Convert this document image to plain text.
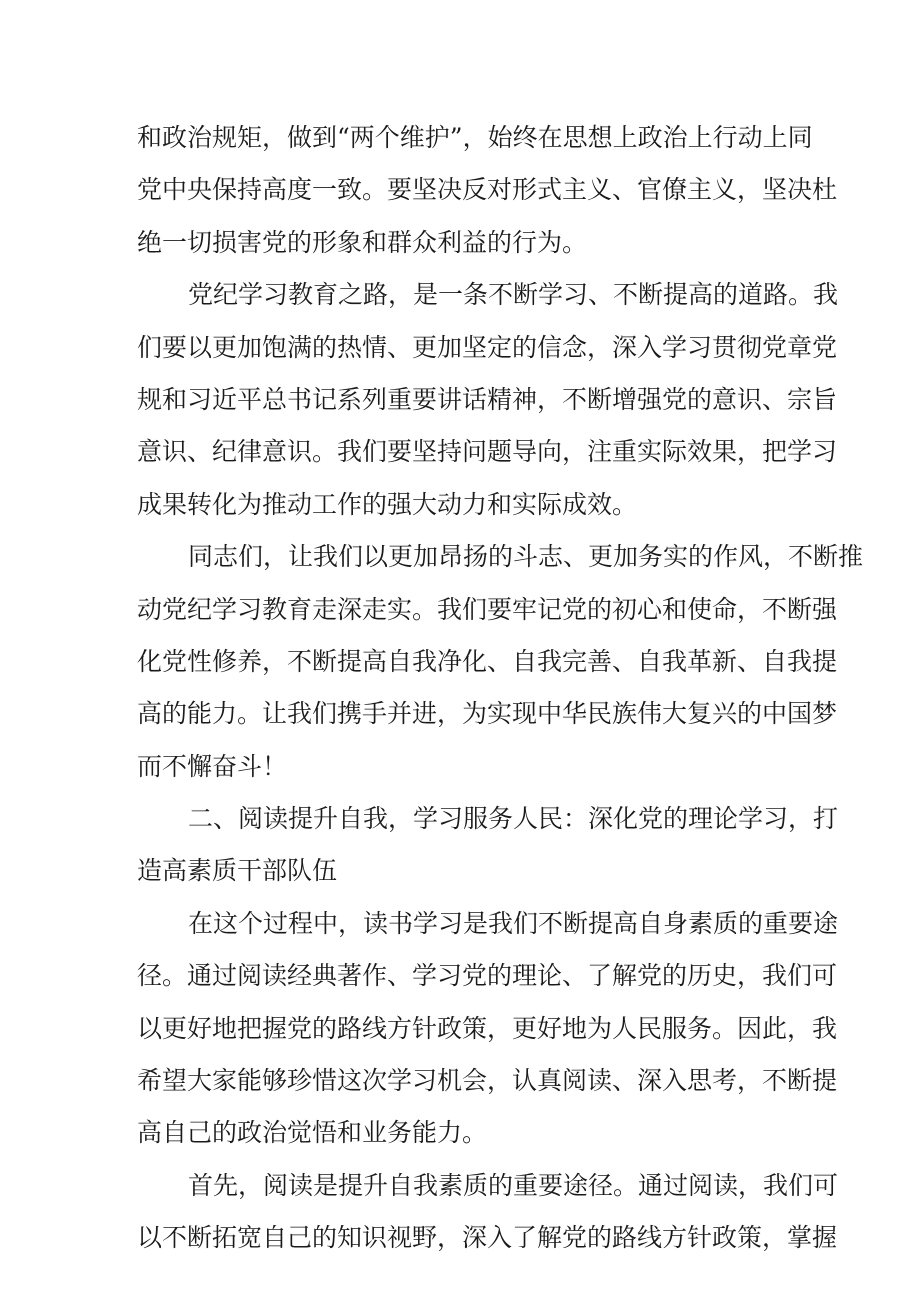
和政治规矩，做到“两个维护”，始终在思想上政治上行动上同
党中央保持高度一致。要坚决反对形式主义、官僚主义，坚决杜
绝一切损害党的形象和群众利益的行为。
党纪学习教育之路，是一条不断学习、不断提高的道路。我
们要以更加饱满的热情、更加坚定的信念，深入学习贯彻党章党
规和习近平总书记系列重要讲话精神，不断增强党的意识、宗旨
意识、纪律意识。我们要坚持问题导向，注重实际效果，把学习
成果转化为推动工作的强大动力和实际成效。
同志们，让我们以更加昂扬的斗志、更加务实的作风，不断推
动党纪学习教育走深走实。我们要牢记党的初心和使命，不断强
化党性修养，不断提高自我净化、自我完善、自我革新、自我提
高的能力。让我们携手并进，为实现中华民族伟大复兴的中国梦
而不懈奋斗！
二、阅读提升自我，学习服务人民：深化党的理论学习，打
造高素质干部队伍
在这个过程中，读书学习是我们不断提高自身素质的重要途
径。通过阅读经典著作、学习党的理论、了解党的历史，我们可
以更好地把握党的路线方针政策，更好地为人民服务。因此，我
希望大家能够珍惜这次学习机会，认真阅读、深入思考，不断提
高自己的政治觉悟和业务能力。
首先，阅读是提升自我素质的重要途径。通过阅读，我们可
以不断拓宽自己的知识视野，深入了解党的路线方针政策，掌握
